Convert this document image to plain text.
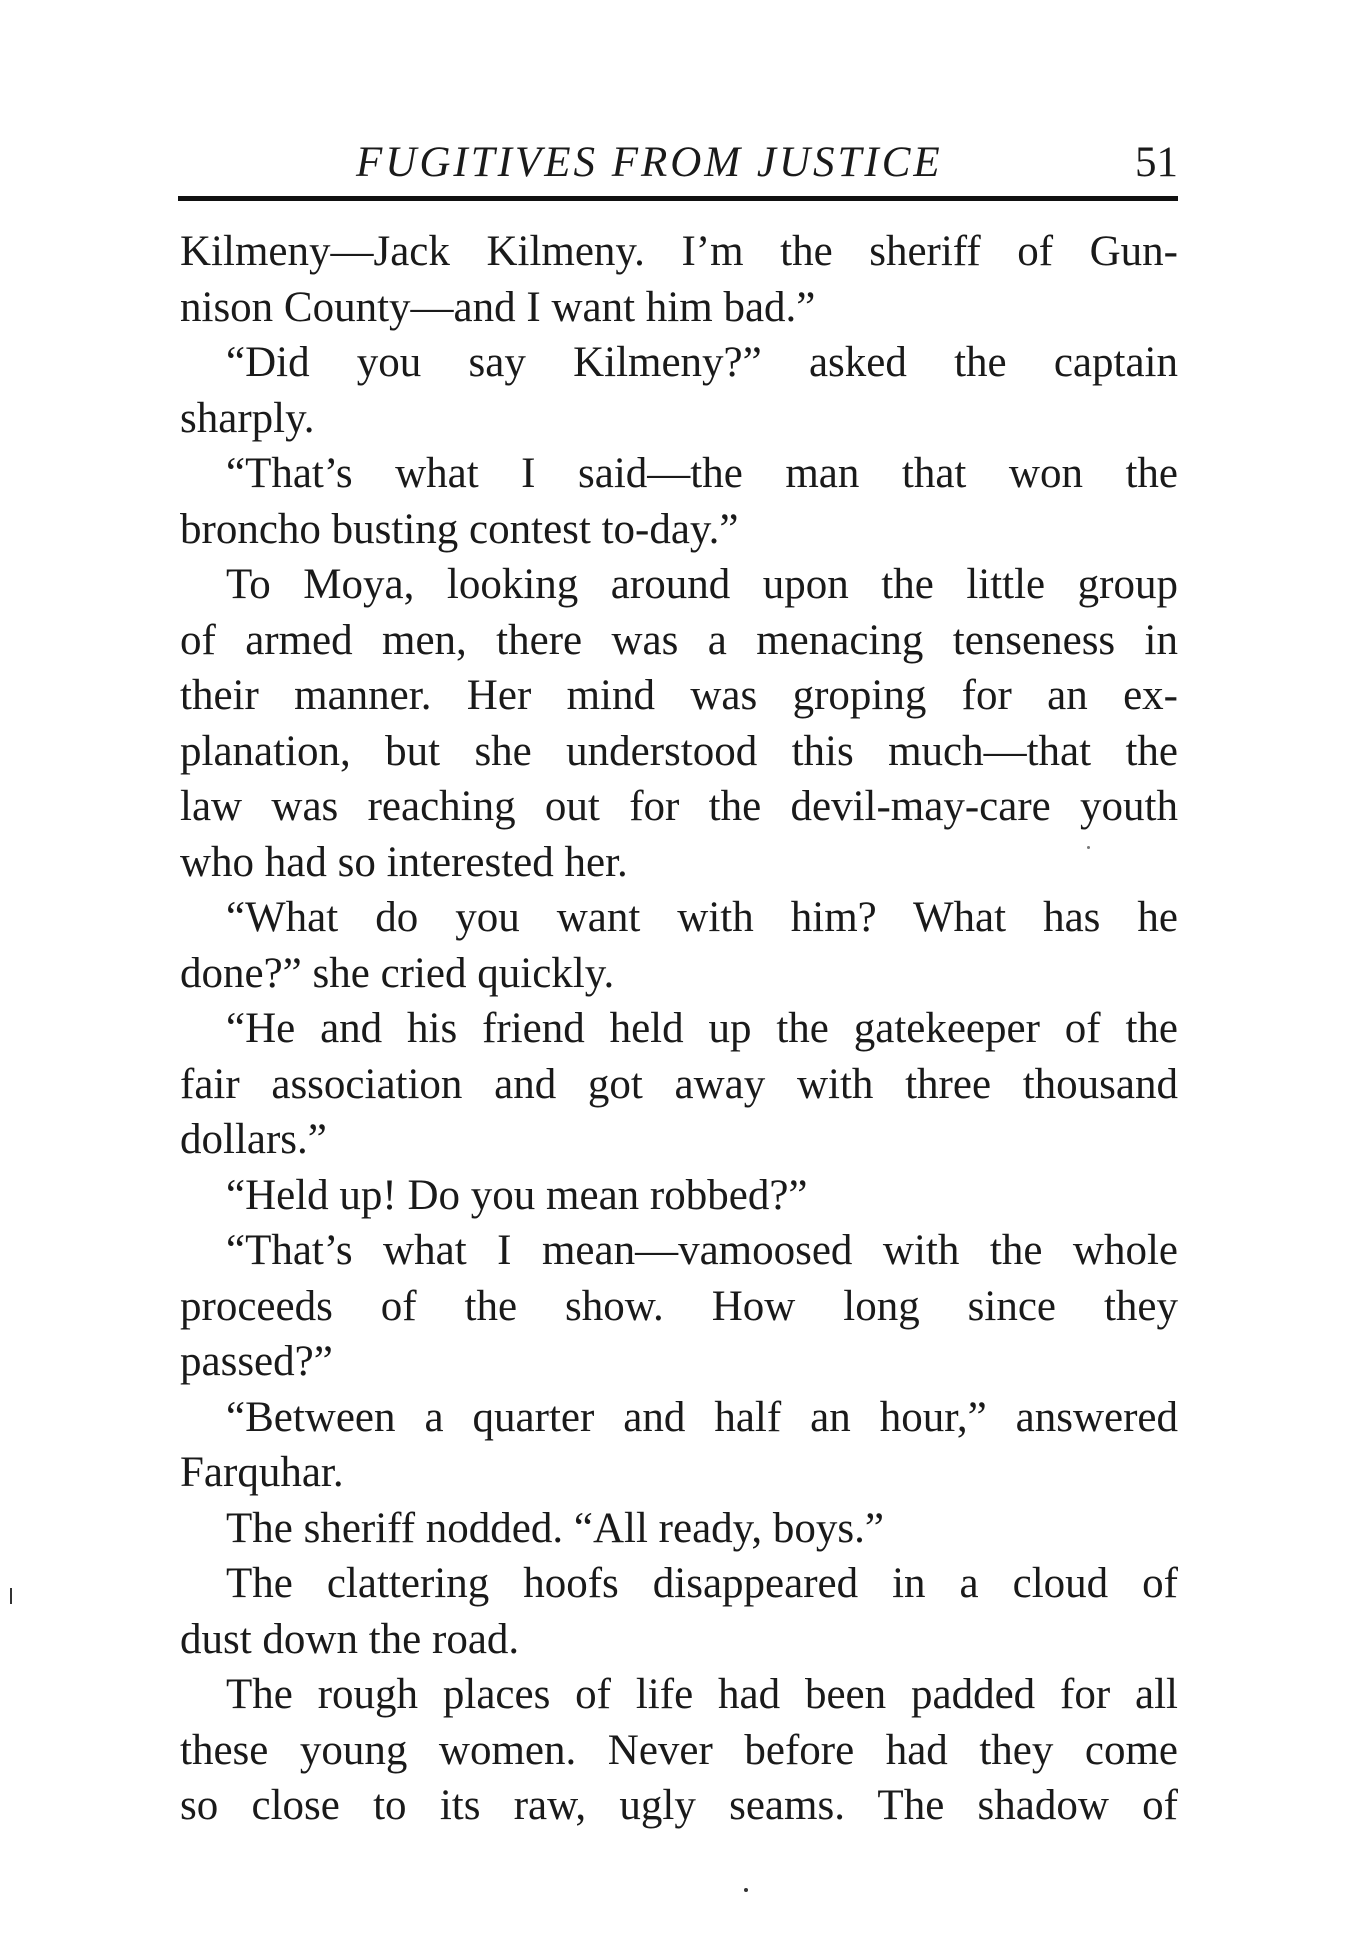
FUGITIVES FROM JUSTICE	51
Kilmeny—Jack Kilmeny. I’m the sheriff of Gun-
nison County—and I want him bad.”
“Did you say Kilmeny?” asked the captain
sharply.
“That’s what I said—the man that won the
broncho busting contest to-day.”
To Moya, looking around upon the little group
of armed men, there was a menacing tenseness in
their manner. Her mind was groping for an ex-
planation, but she understood this much—that the
law was reaching out for the devil-may-care youth
who had so interested her.
“What do you want with him? What has he
done?” she cried quickly.
“He and his friend held up the gatekeeper of the
fair association and got away with three thousand
dollars.”
“Held up! Do you mean robbed?”
“That’s what I mean—vamoosed with the whole
proceeds of the show. How long since they
passed?”
“Between a quarter and half an hour,” answered
Farquhar.
The sheriff nodded. “All ready, boys.”
The clattering hoofs disappeared in a cloud of
dust down the road.
The rough places of life had been padded for all
these young women. Never before had they come
so close to its raw, ugly seams. The shadow of
